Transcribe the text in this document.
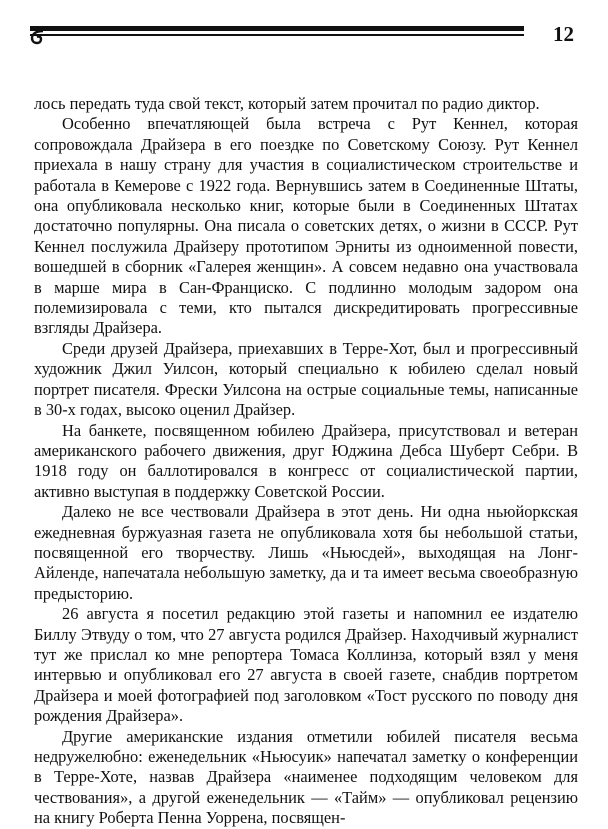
12

лось передать туда свой текст, который затем прочитал по радио диктор.

Особенно впечатляющей была встреча с Рут Кеннел, которая сопровождала Драйзера в его поездке по Советскому Союзу. Рут Кеннел приехала в нашу страну для участия в социалистическом строительстве и работала в Кемерове с 1922 года. Вернувшись затем в Соединенные Штаты, она опубликовала несколько книг, которые были в Соединенных Штатах достаточно популярны. Она писала о советских детях, о жизни в СССР. Рут Кеннел послужила Драйзеру прототипом Эрниты из одноименной повести, вошедшей в сборник «Галерея женщин». А совсем недавно она участвовала в марше мира в Сан-Франциско. С подлинно молодым задором она полемизировала с теми, кто пытался дискредитировать прогрессивные взгляды Драйзера.

Среди друзей Драйзера, приехавших в Терре-Хот, был и прогрессивный художник Джил Уилсон, который специально к юбилею сделал новый портрет писателя. Фрески Уилсона на острые социальные темы, написанные в 30-х годах, высоко оценил Драйзер.

На банкете, посвященном юбилею Драйзера, присутствовал и ветеран американского рабочего движения, друг Юджина Дебса Шуберт Себри. В 1918 году он баллотировался в конгресс от социалистической партии, активно выступая в поддержку Советской России.

Далеко не все чествовали Драйзера в этот день. Ни одна ньюйоркская ежедневная буржуазная газета не опубликовала хотя бы небольшой статьи, посвященной его творчеству. Лишь «Ньюсдей», выходящая на Лонг-Айленде, напечатала небольшую заметку, да и та имеет весьма своеобразную предысторию.

26 августа я посетил редакцию этой газеты и напомнил ее издателю Биллу Этвуду о том, что 27 августа родился Драйзер. Находчивый журналист тут же прислал ко мне репортера Томаса Коллинза, который взял у меня интервью и опубликовал его 27 августа в своей газете, снабдив портретом Драйзера и моей фотографией под заголовком «Тост русского по поводу дня рождения Драйзера».

Другие американские издания отметили юбилей писателя весьма недружелюбно: еженедельник «Ньюсуик» напечатал заметку о конференции в Терре-Хоте, назвав Драйзера «наименее подходящим человеком для чествования», а другой еженедельник — «Тайм» — опубликовал рецензию на книгу Роберта Пенна Уоррена, посвящен-
